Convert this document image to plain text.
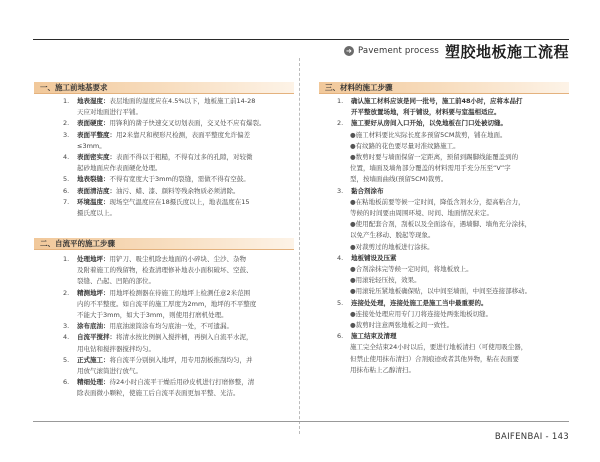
➜ Pavement process 塑胶地板施工流程
一、施工前地基要求
1. 地表湿度：表层地面的湿度应在4.5%以下，地板施工前14-28
天应对地面进行平铺。
2. 表面硬度：用锋利的凿子快速交叉切划表面，交叉处不应有爆裂。
3. 表面平整度：用2米靠尺和楔形尺检测，表面平整度允许偏差
≤3mm。
4. 表面密实度：表面不得以于粗糙，不得有过多的孔隙，对较微
起砂地面应作表面硬化处理。
5. 地表裂缝：不得有宽度大于3mm的裂缝，需做不得有空鼓。
6. 表面清洁度：油污、蜡、漆、颜料等残余物质必须清除。
7. 环境温度：现场空气温度应在18摄氏度以上，地表温度在15
摄氏度以上。
二、自流平的施工步骤
1. 处理地坪：用铲刀、吸尘机除去地面的小碎块、尘沙、杂物
及附着施工的残留物，检查清理修补地表小面积破坏、空鼓、
裂缝、凸起、凹陷的部位。
2. 精测地坪：用地坪检测器在待施工的地坪上检测任意2米范围
内的不平整度。如自流平的施工厚度为2mm，地坪的不平整度
不能大于3mm，如大于3mm，则使用打磨机处理。
3. 涂布底油：用底油滚筒涂布均匀底油一处，不可遗漏。
4. 自流平搅拌：将清水按比例倒入搅拌桶，再倒入自流平水泥，
用电钻和搅拌器搅拌均匀。
5. 正式施工：将自流平分别倒入地坪，用专用刮板推刮均匀，并
用放气滚筒进行放气。
6. 精细处理：待24小时自流平干燥后用砂皮机进行打磨修整，清
除表面微小颗粒，使施工后自流平表面更加平整、光洁。
三、材料的施工步骤
1. 确认施工材料应该是同一批号，施工前48小时，应将本品打
开平整放置场地，利于铺设，材料要与室温相适应。
2. 施工要好从房间入口开始，以免地板在门口处被切缝。
●施工材料要比实际长度多预留5CM裁剪，铺在地面。
●有纹路的花色要尽量对准纹路施工。
●数剪时要与墙面保留一定距离，预留到踢脚线能覆盖到的
位置，墙面及墙角部分覆盖的材料需用手充分压至“V”字
型，按墙面曲线(预留5CM)裁剪。
3. 黏合剂涂布
●在粘地板前要等候一定时间，降低含剂水分，提高粘合力，
等候的时间要由周围环境、时间、地面情况来定。
●使用配套合剂，刮板以及全面涂布，遇墙脚、墙角充分涂抹，
以免产生移动、脱起等现象。
●对裁剪过的地板进行涂抹。
4. 地板铺设及压紧
●合剂涂抹完等候一定时间，将地板放上。
●用滚轮轻压按，效果。
●用滚轮压紧地板确保贴，以中间至墙面，中间至连接部移动。
5. 连接处处理，连接处施工是施工当中最重要的。
●连接处处理应用专门刀将连接处两张地板切缝。
●裁剪时注意两张地板之间一致性。
6. 施工结束及清理
施工完全结束24小时以后，要进行地板清扫（可使用吸尘器，
但禁止使用抹布清扫）合剂痕迹或者其他异物，粘在表面要
用抹布粘上乙醇清扫。
BAIFENBAI - 143
